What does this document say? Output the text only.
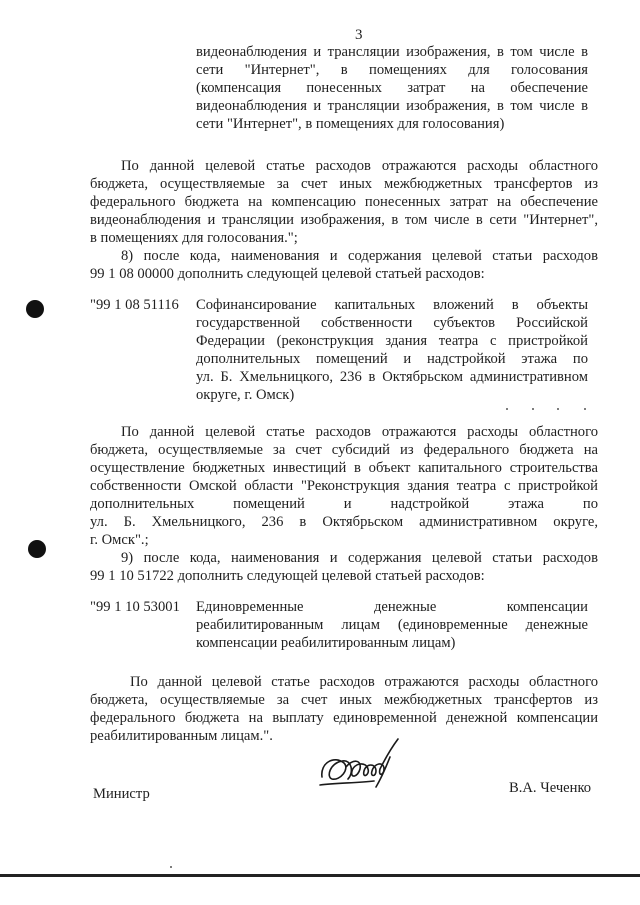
3
видеонаблюдения и трансляции изображения, в том числе в
сети "Интернет", в помещениях для голосования
(компенсация понесенных затрат на обеспечение
видеонаблюдения и трансляции изображения, в том числе в
сети "Интернет", в помещениях для голосования)
По данной целевой статье расходов отражаются расходы областного
бюджета, осуществляемые за счет иных межбюджетных трансфертов из
федерального бюджета на компенсацию понесенных затрат на обеспечение
видеонаблюдения и трансляции изображения, в том числе в сети "Интернет",
в помещениях для голосования.";
8) после кода, наименования и содержания целевой статьи расходов
99 1 08 00000 дополнить следующей целевой статьей расходов:
"99 1 08 51116 Софинансирование капитальных вложений в объекты
государственной собственности субъектов Российской
Федерации (реконструкция здания театра с пристройкой
дополнительных помещений и надстройкой этажа по
ул. Б. Хмельницкого, 236 в Октябрьском административном
округе, г. Омск)
По данной целевой статье расходов отражаются расходы областного
бюджета, осуществляемые за счет субсидий из федерального бюджета на
осуществление бюджетных инвестиций в объект капитального строительства
собственности Омской области "Реконструкция здания театра с пристройкой
дополнительных помещений и надстройкой этажа по
ул. Б. Хмельницкого, 236 в Октябрьском административном округе,
г. Омск".;
9) после кода, наименования и содержания целевой статьи расходов
99 1 10 51722 дополнить следующей целевой статьей расходов:
"99 1 10 53001 Единовременные денежные компенсации
реабилитированным лицам (единовременные денежные
компенсации реабилитированным лицам)
По данной целевой статье расходов отражаются расходы областного
бюджета, осуществляемые за счет иных межбюджетных трансфертов из
федерального бюджета на выплату единовременной денежной компенсации
реабилитированным лицам.".
Министр	В.А. Чеченко
